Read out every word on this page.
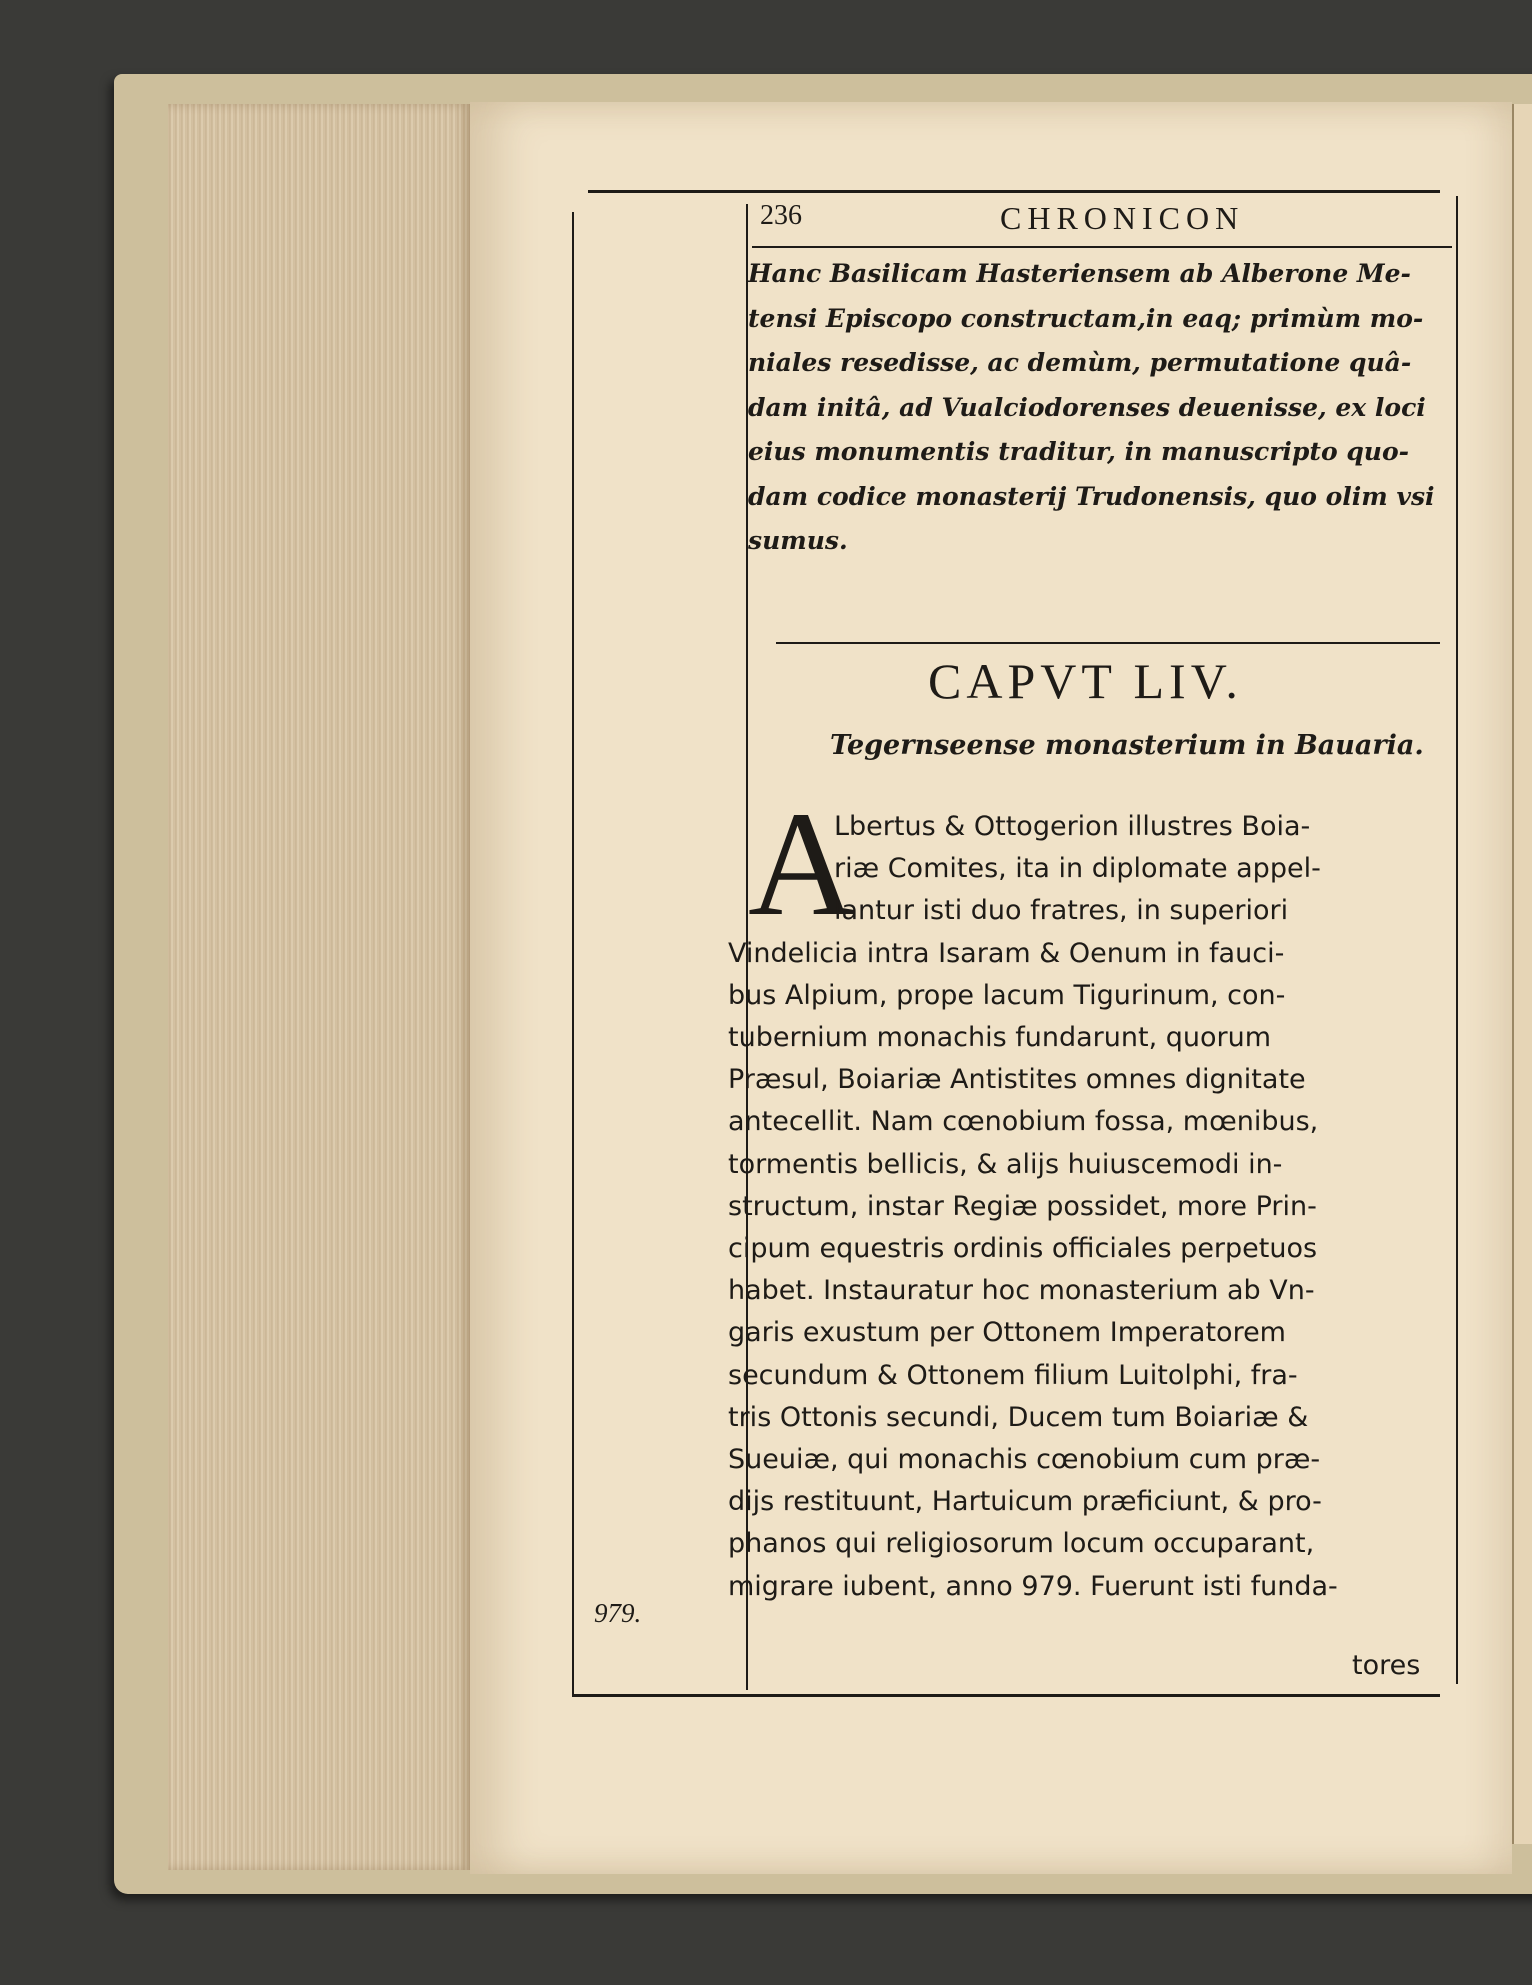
236	CHRONICON
Hanc Basilicam Hasteriensem ab Alberone Me-
tensi Episcopo constructam,in eaq; primùm mo-
niales resedisse, ac demùm, permutatione quâ-
dam initâ, ad Vualciodorenses deuenisse, ex loci
eius monumentis traditur, in manuscripto quo-
dam codice monasterij Trudonensis, quo olim vsi
sumus.
CAPVT LIV.
Tegernseense monasterium in Bauaria.
A
Lbertus & Ottogerion illustres Boia-
riæ Comites, ita in diplomate appel-
lantur isti duo fratres, in superiori
Vindelicia intra Isaram & Oenum in fauci-
bus Alpium, prope lacum Tigurinum, con-
tubernium monachis fundarunt, quorum
Præsul, Boiariæ Antistites omnes dignitate
antecellit. Nam cœnobium fossa, mœnibus,
tormentis bellicis, & alijs huiuscemodi in-
structum, instar Regiæ possidet, more Prin-
cipum equestris ordinis officiales perpetuos
habet. Instauratur hoc monasterium ab Vn-
garis exustum per Ottonem Imperatorem
secundum & Ottonem filium Luitolphi, fra-
tris Ottonis secundi, Ducem tum Boiariæ &
Sueuiæ, qui monachis cœnobium cum præ-
dijs restituunt, Hartuicum præficiunt, & pro-
phanos qui religiosorum locum occuparant,
migrare iubent, anno 979. Fuerunt isti funda-
979.
tores
